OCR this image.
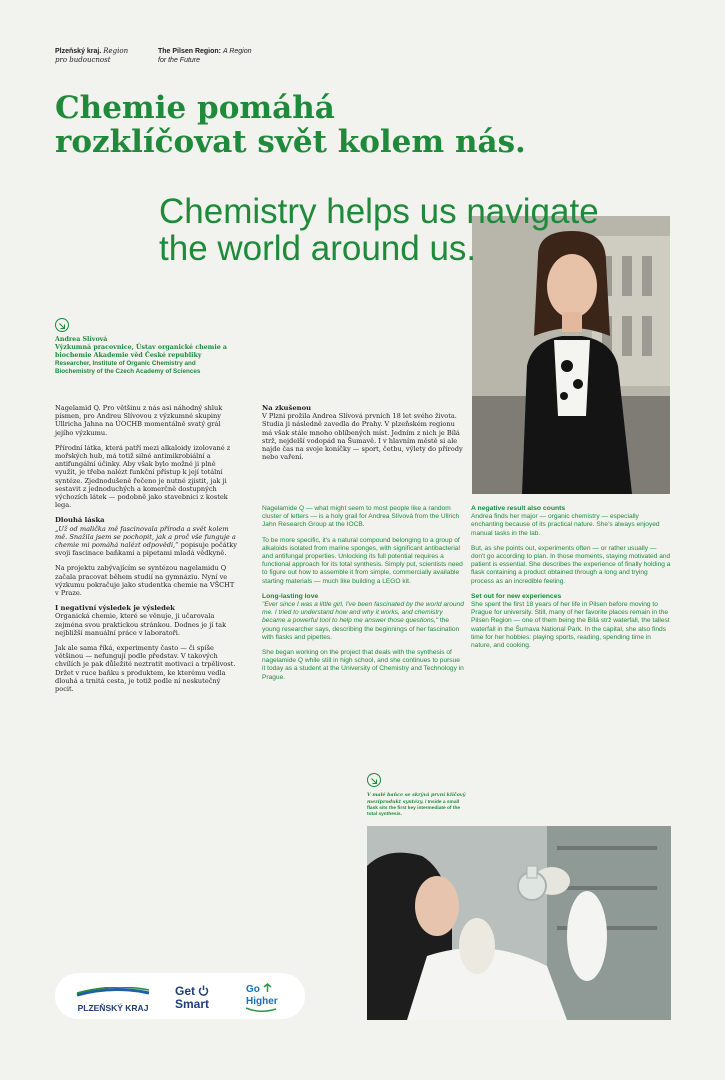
Plzeňský kraj. Region
pro budoucnost
The Pilsen Region: A Region
for the Future
Chemie pomáhá
rozklíčovat svět kolem nás.
Chemistry helps us navigate
the world around us.
Andrea Slívová
Výzkumná pracovnice, Ústav organické chemie a biochemie Akademie věd České republiky
Researcher, Institute of Organic Chemistry and Biochemistry of the Czech Academy of Sciences

Nagelamid Q. Pro většinu z nás asi náhodný shluk písmen, pro Andreu Slívovou z výzkumné skupiny Ullricha Jahna na ÚOCHB momentálně svatý grál jejího výzkumu.

Přírodní látka, která patří mezi alkaloidy izolované z mořských hub, má totiž silné antimikrobiální a antifungální účinky. Aby však bylo možné ji plně využít, je třeba nalézt funkční přístup k její totální syntéze. Zjednodušeně řečeno je nutné zjistit, jak ji sestavit z jednoduchých a komerčně dostupných výchozích látek — podobně jako stavebnici z kostek lega.

Dlouhá láska

„Už od malička mě fascinovala příroda a svět kolem mě. Snažila jsem se pochopit, jak a proč vše funguje a chemie mi pomáhá nalézt odpovědi,“ popisuje počátky svoji fascinace baňkami a pipetami mladá vědkyně.

Na projektu zabývajícím se syntézou nagelamidu Q začala pracovat během studií na gymnáziu. Nyní ve výzkumu pokračuje jako studentka chemie na VŠCHT v Praze.

I negativní výsledek je výsledek

Organická chemie, které se věnuje, ji učarovala zejména svou praktickou stránkou. Dodnes je jí tak nejbližší manuální práce v laboratoři.

Jak ale sama říká, experimenty často — či spíše většinou — nefungují podle představ. V takových chvílích je pak důležité neztratit motivaci a trpělivost. Držet v ruce baňku s produktem, ke kterému vedla dlouhá a trnitá cesta, je totiž podle ní neskutečný pocit.

Na zkušenou

V Plzni prožila Andrea Slívová prvních 18 let svého života. Studia ji následně zavedla do Prahy. V plzeňském regionu má však stále mnoho oblíbených míst. Jedním z nich je Bílá strž, nejdelší vodopád na Šumavě. I v hlavním městě si ale najde čas na svoje koníčky — sport, četbu, výlety do přírody nebo vaření.

Nagelamide Q — what might seem to most people like a random cluster of letters — is a holy grail for Andrea Slívová from the Ullrich Jahn Research Group at the IOCB.

To be more specific, it's a natural compound belonging to a group of alkaloids isolated from marine sponges, with significant antibacterial and antifungal properties. Unlocking its full potential requires a functional approach for its total synthesis. Simply put, scientists need to figure out how to assemble it from simple, commercially available starting materials — much like building a LEGO kit.

Long-lasting love

"Ever since I was a little girl, I've been fascinated by the world around me. I tried to understand how and why it works, and chemistry became a powerful tool to help me answer those questions," the young researcher says, describing the beginnings of her fascination with flasks and pipettes.

She began working on the project that deals with the synthesis of nagelamide Q while still in high school, and she continues to pursue it today as a student at the University of Chemistry and Technology in Prague.

A negative result also counts

Andrea finds her major — organic chemistry — especially enchanting because of its practical nature. She's always enjoyed manual tasks in the lab.

But, as she points out, experiments often — or rather usually — don't go according to plan. In those moments, staying motivated and patient is essential. She describes the experience of finally holding a flask containing a product obtained through a long and trying process as an incredible feeling.

Set out for new experiences

She spent the first 18 years of her life in Pilsen before moving to Prague for university. Still, many of her favorite places remain in the Pilsen Region — one of them being the Bílá strž waterfall, the tallest waterfall in the Šumava National Park. In the capital, she also finds time for her hobbies: playing sports, reading, spending time in nature, and cooking.

V malé baňce se skrývá první klíčový meziprodukt syntézy. / Inside a small flask sits the first key intermediate of the total synthesis.
PLZEŇSKÝ KRAJ
Get
Smart
Go
Higher
